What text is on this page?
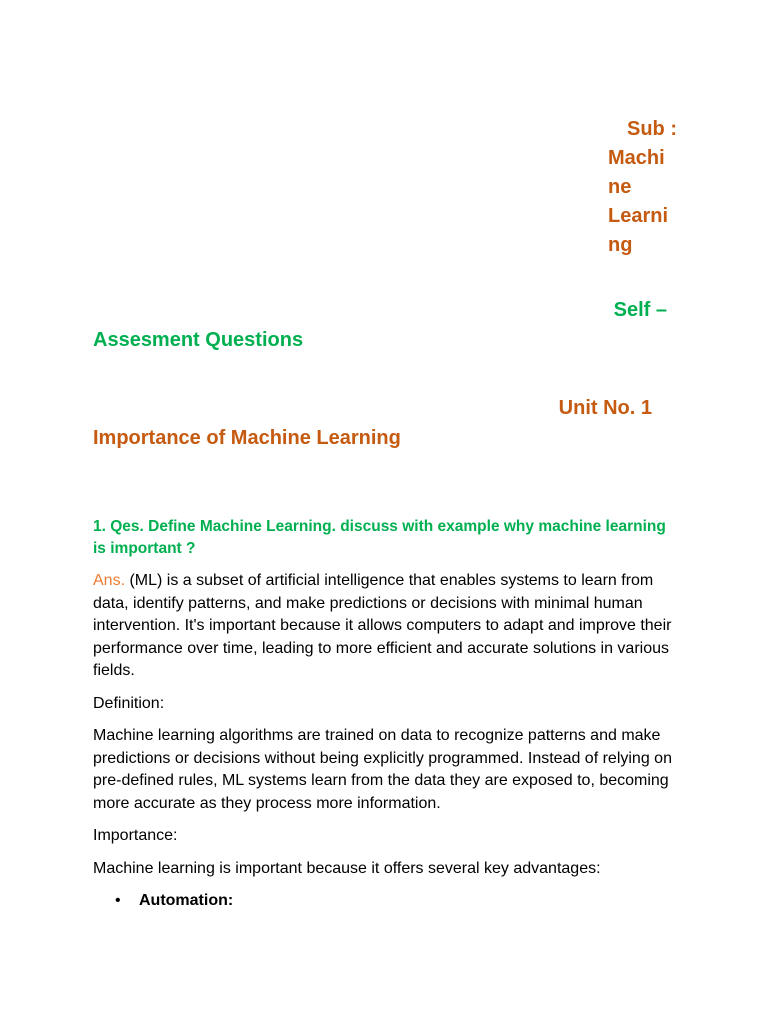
Sub :
Machi
ne
Learni
ng
Self –
Assesment Questions
Unit No. 1
Importance of Machine Learning

1. Qes. Define Machine Learning. discuss with example why machine learning is important ?

Ans. (ML) is a subset of artificial intelligence that enables systems to learn from data, identify patterns, and make predictions or decisions with minimal human intervention. It's important because it allows computers to adapt and improve their performance over time, leading to more efficient and accurate solutions in various fields.

Definition:

Machine learning algorithms are trained on data to recognize patterns and make predictions or decisions without being explicitly programmed. Instead of relying on pre-defined rules, ML systems learn from the data they are exposed to, becoming more accurate as they process more information.

Importance:

Machine learning is important because it offers several key advantages:

• Automation:
